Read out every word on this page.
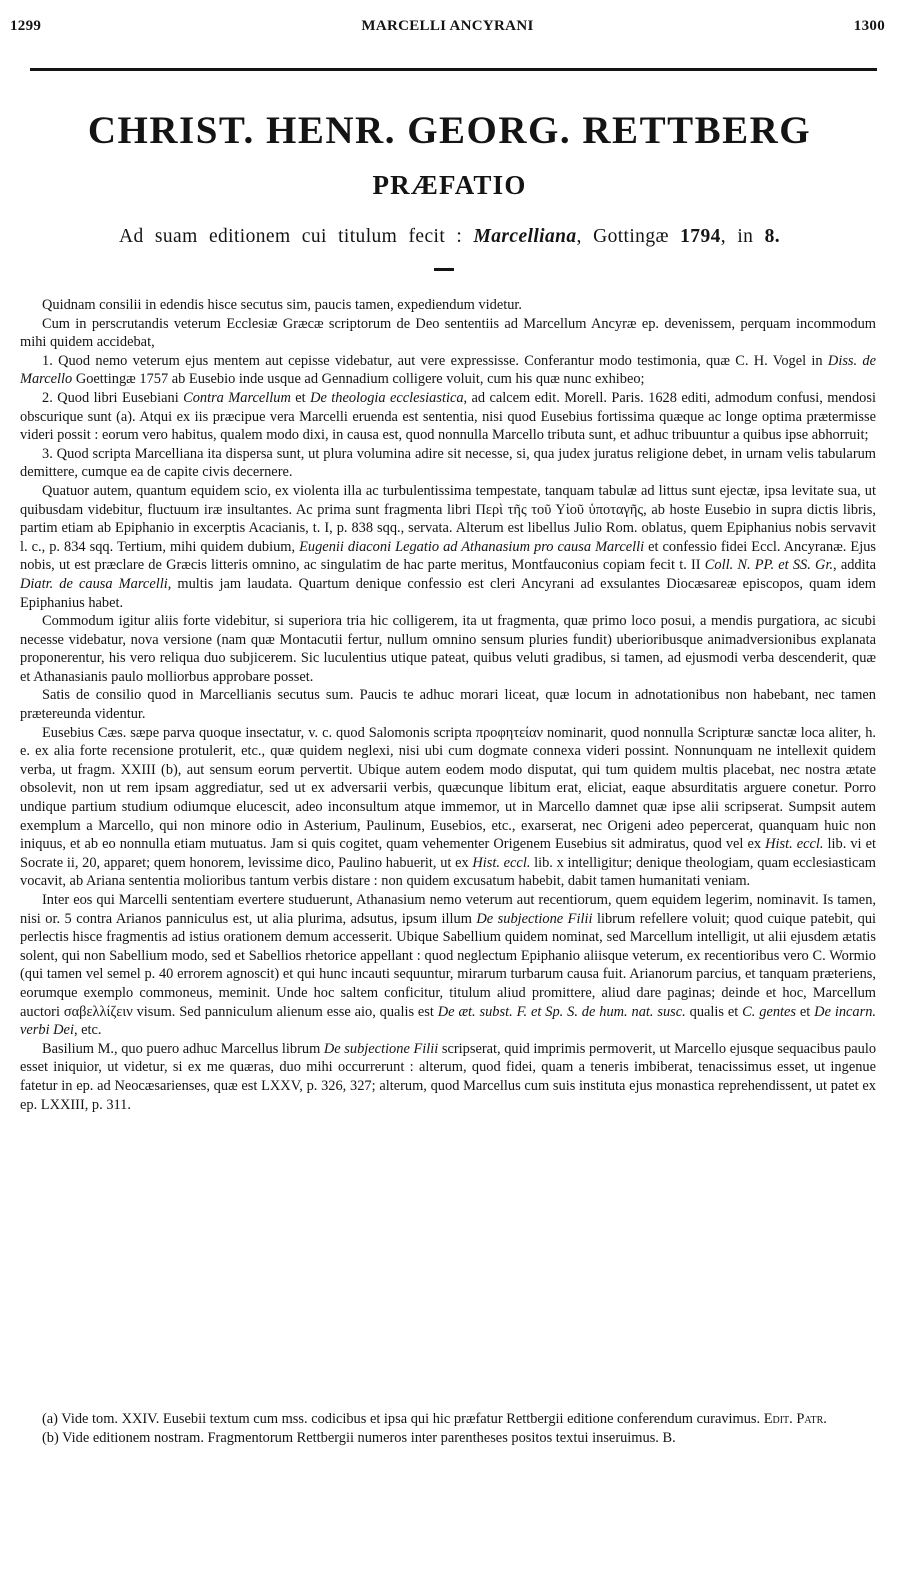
1299	MARCELLI ANCYRANI	1300
CHRIST. HENR. GEORG. RETTBERG
PRÆFATIO
Ad suam editionem cui titulum fecit : Marcelliana, Gottingæ 1794, in 8.

Quidnam consilii in edendis hisce secutus sim, paucis tamen, expediendum videtur.

Cum in perscrutandis veterum Ecclesiæ Græcæ scriptorum de Deo sententiis ad Marcellum Ancyræ ep. devenissem, perquam incommodum mihi quidem accidebat,

1. Quod nemo veterum ejus mentem aut cepisse videbatur, aut vere expressisse. Conferantur modo testimonia, quæ C. H. Vogel in Diss. de Marcello Goettingæ 1757 ab Eusebio inde usque ad Gennadium colligere voluit, cum his quæ nunc exhibeo;

2. Quod libri Eusebiani Contra Marcellum et De theologia ecclesiastica, ad calcem edit. Morell. Paris. 1628 editi, admodum confusi, mendosi obscurique sunt (a). Atqui ex iis præcipue vera Marcelli eruenda est sententia, nisi quod Eusebius fortissima quæque ac longe optima prætermisse videri possit : eorum vero habitus, qualem modo dixi, in causa est, quod nonnulla Marcello tributa sunt, et adhuc tribuuntur a quibus ipse abhorruit;

3. Quod scripta Marcelliana ita dispersa sunt, ut plura volumina adire sit necesse, si, qua judex juratus religione debet, in urnam velis tabularum demittere, cumque ea de capite civis decernere.

Quatuor autem, quantum equidem scio, ex violenta illa ac turbulentissima tempestate, tanquam tabulæ ad littus sunt ejectæ, ipsa levitate sua, ut quibusdam videbitur, fluctuum iræ insultantes. Ac prima sunt fragmenta libri Περὶ τῆς τοῦ Υἱοῦ ὑποταγῆς, ab hoste Eusebio in supra dictis libris, partim etiam ab Epiphanio in excerptis Acacianis, t. I, p. 838 sqq., servata. Alterum est libellus Julio Rom. oblatus, quem Epiphanius nobis servavit l. c., p. 834 sqq. Tertium, mihi quidem dubium, Eugenii diaconi Legatio ad Athanasium pro causa Marcelli et confessio fidei Eccl. Ancyranæ. Ejus nobis, ut est præclare de Græcis litteris omnino, ac singulatim de hac parte meritus, Montfauconius copiam fecit t. II Coll. N. PP. et SS. Gr., addita Diatr. de causa Marcelli, multis jam laudata. Quartum denique confessio est cleri Ancyrani ad exsulantes Diocæsareæ episcopos, quam idem Epiphanius habet.

Commodum igitur aliis forte videbitur, si superiora tria hic colligerem, ita ut fragmenta, quæ primo loco posui, a mendis purgatiora, ac sicubi necesse videbatur, nova versione (nam quæ Montacutii fertur, nullum omnino sensum pluries fundit) uberioribusque animadversionibus explanata proponerentur, his vero reliqua duo subjicerem. Sic luculentius utique pateat, quibus veluti gradibus, si tamen, ad ejusmodi verba descenderit, quæ et Athanasianis paulo molliorbus approbare posset.

Satis de consilio quod in Marcellianis secutus sum. Paucis te adhuc morari liceat, quæ locum in adnotationibus non habebant, nec tamen prætereunda videntur.

Eusebius Cæs. sæpe parva quoque insectatur, v. c. quod Salomonis scripta προφητείαν nominarit, quod nonnulla Scripturæ sanctæ loca aliter, h. e. ex alia forte recensione protulerit, etc., quæ quidem neglexi, nisi ubi cum dogmate connexa videri possint. Nonnunquam ne intellexit quidem verba, ut fragm. XXIII (b), aut sensum eorum pervertit. Ubique autem eodem modo disputat, qui tum quidem multis placebat, nec nostra ætate obsolevit, non ut rem ipsam aggrediatur, sed ut ex adversarii verbis, quæcunque libitum erat, eliciat, eaque absurditatis arguere conetur. Porro undique partium studium odiumque elucescit, adeo inconsultum atque immemor, ut in Marcello damnet quæ ipse alii scripserat. Sumpsit autem exemplum a Marcello, qui non minore odio in Asterium, Paulinum, Eusebios, etc., exarserat, nec Origeni adeo pepercerat, quanquam huic non iniquus, et ab eo nonnulla etiam mutuatus. Jam si quis cogitet, quam vehementer Origenem Eusebius sit admiratus, quod vel ex Hist. eccl. lib. vi et Socrate ii, 20, apparet; quem honorem, levissime dico, Paulino habuerit, ut ex Hist. eccl. lib. x intelligitur; denique theologiam, quam ecclesiasticam vocavit, ab Ariana sententia molioribus tantum verbis distare : non quidem excusatum habebit, dabit tamen humanitati veniam.

Inter eos qui Marcelli sententiam evertere studuerunt, Athanasium nemo veterum aut recentiorum, quem equidem legerim, nominavit. Is tamen, nisi or. 5 contra Arianos panniculus est, ut alia plurima, adsutus, ipsum illum De subjectione Filii librum refellere voluit; quod cuique patebit, qui perlectis hisce fragmentis ad istius orationem demum accesserit. Ubique Sabellium quidem nominat, sed Marcellum intelligit, ut alii ejusdem ætatis solent, qui non Sabellium modo, sed et Sabellios rhetorice appellant : quod neglectum Epiphanio aliisque veterum, ex recentioribus vero C. Wormio (qui tamen vel semel p. 40 errorem agnoscit) et qui hunc incauti sequuntur, mirarum turbarum causa fuit. Arianorum parcius, et tanquam præteriens, eorumque exemplo commoneus, meminit. Unde hoc saltem conficitur, titulum aliud promittere, aliud dare paginas; deinde et hoc, Marcellum auctori σαβελλίζειν visum. Sed panniculum alienum esse aio, qualis est De æt. subst. F. et Sp. S. de hum. nat. susc. qualis et C. gentes et De incarn. verbi Dei, etc.

Basilium M., quo puero adhuc Marcellus librum De subjectione Filii scripserat, quid imprimis permoverit, ut Marcello ejusque sequacibus paulo esset iniquior, ut videtur, si ex me quæras, duo mihi occurrerunt : alterum, quod fidei, quam a teneris imbiberat, tenacissimus esset, ut ingenue fatetur in ep. ad Neocæsarienses, quæ est LXXV, p. 326, 327; alterum, quod Marcellus cum suis instituta ejus monastica reprehendissent, ut patet ex ep. LXXIII, p. 311.

(a) Vide tom. XXIV. Eusebii textum cum mss. codicibus et ipsa qui hic præfatur Rettbergii editione conferendum curavimus. Edit. Patr.

(b) Vide editionem nostram. Fragmentorum Rettbergii numeros inter parentheses positos textui inseruimus. B.
